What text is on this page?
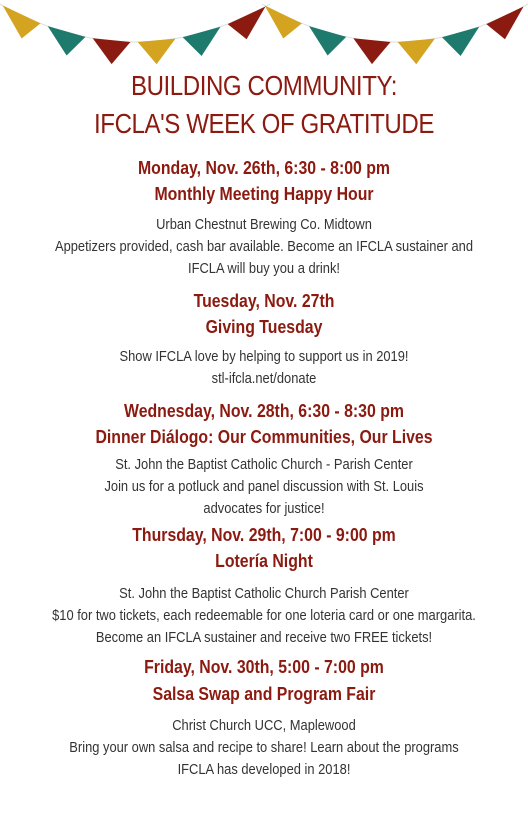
BUILDING COMMUNITY:
IFCLA'S WEEK OF GRATITUDE
Monday, Nov. 26th, 6:30 - 8:00 pm
Monthly Meeting Happy Hour
Urban Chestnut Brewing Co. Midtown
Appetizers provided, cash bar available. Become an IFCLA sustainer and
IFCLA will buy you a drink!
Tuesday, Nov. 27th
Giving Tuesday
Show IFCLA love by helping to support us in 2019!
stl-ifcla.net/donate
Wednesday, Nov. 28th, 6:30 - 8:30 pm
Dinner Diálogo: Our Communities, Our Lives
St. John the Baptist Catholic Church - Parish Center
Join us for a potluck and panel discussion with St. Louis
advocates for justice!
Thursday, Nov. 29th, 7:00 - 9:00 pm
Lotería Night
St. John the Baptist Catholic Church Parish Center
$10 for two tickets, each redeemable for one loteria card or one margarita.
Become an IFCLA sustainer and receive two FREE tickets!
Friday, Nov. 30th, 5:00 - 7:00 pm
Salsa Swap and Program Fair
Christ Church UCC, Maplewood
Bring your own salsa and recipe to share! Learn about the programs
IFCLA has developed in 2018!
